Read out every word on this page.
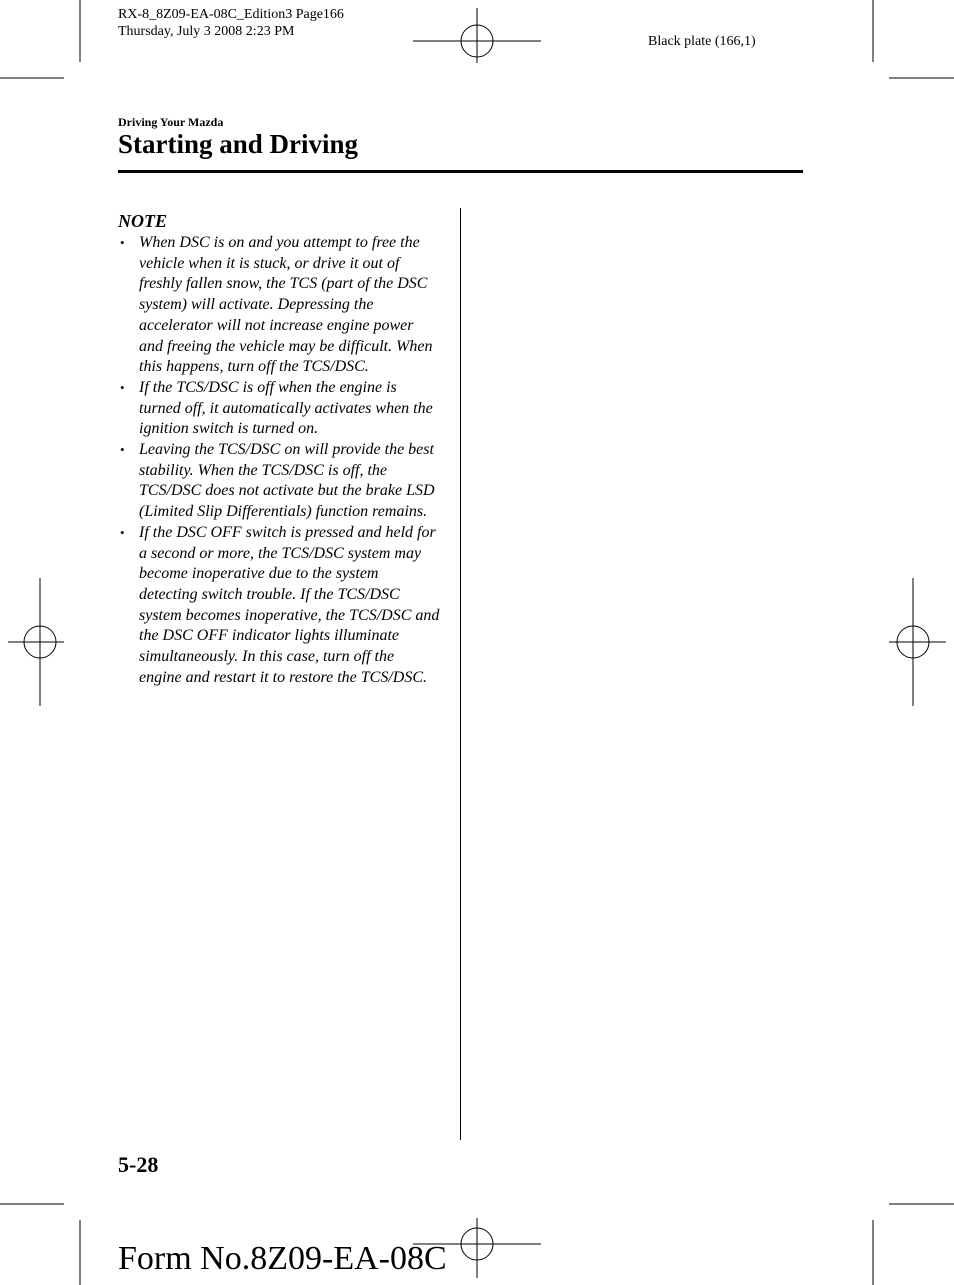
RX-8_8Z09-EA-08C_Edition3 Page166
Thursday, July 3 2008 2:23 PM
Black plate (166,1)
Driving Your Mazda
Starting and Driving
NOTE
• When DSC is on and you attempt to free the vehicle when it is stuck, or drive it out of freshly fallen snow, the TCS (part of the DSC system) will activate. Depressing the accelerator will not increase engine power and freeing the vehicle may be difficult. When this happens, turn off the TCS/DSC.
• If the TCS/DSC is off when the engine is turned off, it automatically activates when the ignition switch is turned on.
• Leaving the TCS/DSC on will provide the best stability. When the TCS/DSC is off, the TCS/DSC does not activate but the brake LSD (Limited Slip Differentials) function remains.
• If the DSC OFF switch is pressed and held for a second or more, the TCS/DSC system may become inoperative due to the system detecting switch trouble. If the TCS/DSC system becomes inoperative, the TCS/DSC and the DSC OFF indicator lights illuminate simultaneously. In this case, turn off the engine and restart it to restore the TCS/DSC.
5-28
Form No.8Z09-EA-08C
